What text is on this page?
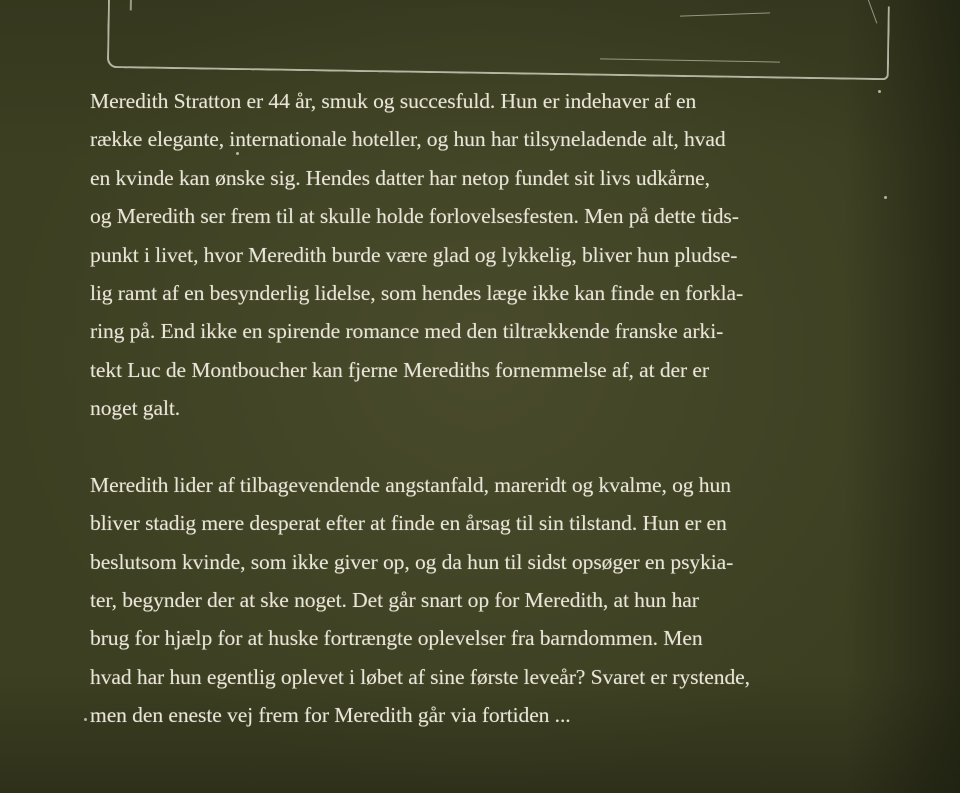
Meredith Stratton er 44 år, smuk og succesfuld. Hun er indehaver af en
række elegante, internationale hoteller, og hun har tilsyneladende alt, hvad
en kvinde kan ønske sig. Hendes datter har netop fundet sit livs udkårne,
og Meredith ser frem til at skulle holde forlovelsesfesten. Men på dette tids-
punkt i livet, hvor Meredith burde være glad og lykkelig, bliver hun pludse-
lig ramt af en besynderlig lidelse, som hendes læge ikke kan finde en forkla-
ring på. End ikke en spirende romance med den tiltrækkende franske arki-
tekt Luc de Montboucher kan fjerne Merediths fornemmelse af, at der er
noget galt.

Meredith lider af tilbagevendende angstanfald, mareridt og kvalme, og hun
bliver stadig mere desperat efter at finde en årsag til sin tilstand. Hun er en
beslutsom kvinde, som ikke giver op, og da hun til sidst opsøger en psykia-
ter, begynder der at ske noget. Det går snart op for Meredith, at hun har
brug for hjælp for at huske fortrængte oplevelser fra barndommen. Men
hvad har hun egentlig oplevet i løbet af sine første leveår? Svaret er rystende,
men den eneste vej frem for Meredith går via fortiden ...
